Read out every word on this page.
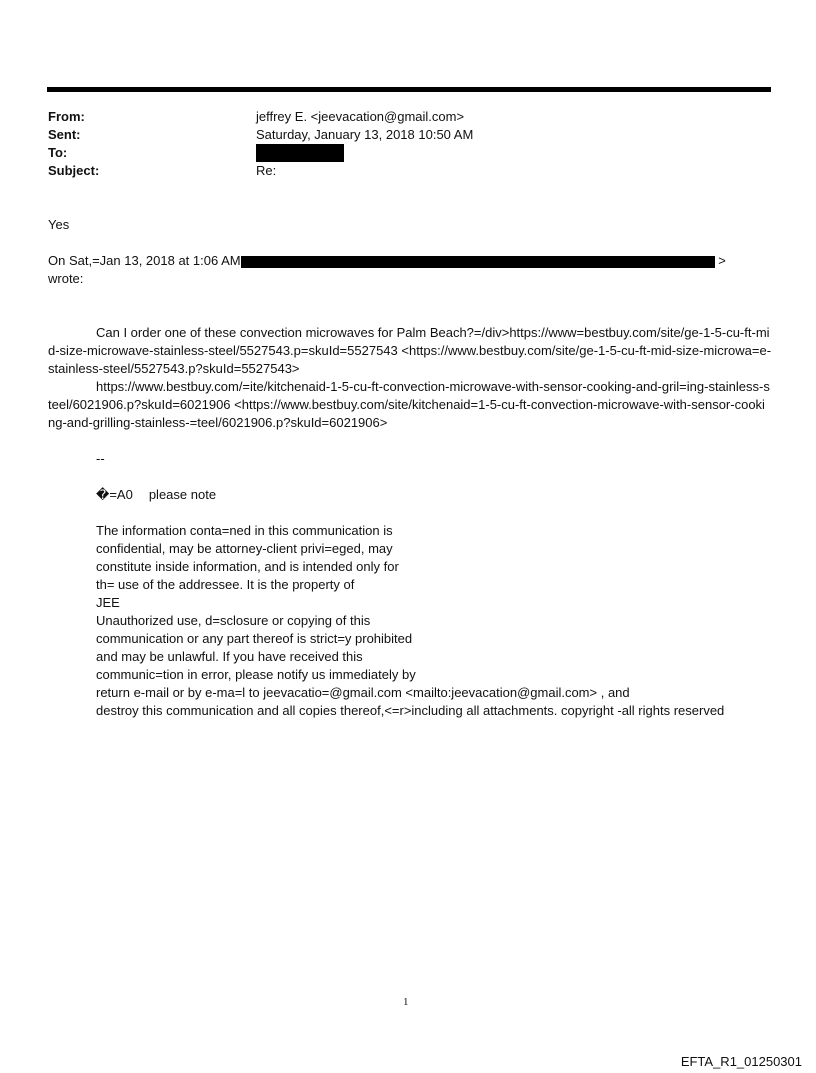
From:	jeffrey E. <jeevacation@gmail.com>
Sent:	Saturday, January 13, 2018 10:50 AM
To:
Subject:	Re:
Yes
On Sat,=Jan 13, 2018 at 1:06 AM	>
wrote:

Can I order one of these convection microwaves for Palm Beach?=/div>https://www=bestbuy.com/site/ge-1-5-cu-ft-mid-size-microwave-stainless-steel/5527543.p=skuId=5527543 <https://www.bestbuy.com/site/ge-1-5-cu-ft-mid-size-microwa=e-stainless-steel/5527543.p?skuId=5527543>

https://www.bestbuy.com/=ite/kitchenaid-1-5-cu-ft-convection-microwave-with-sensor-cooking-and-gril=ing-stainless-steel/6021906.p?skuId=6021906 <https://www.bestbuy.com/site/kitchenaid=1-5-cu-ft-convection-microwave-with-sensor-cooking-and-grilling-stainless-=teel/6021906.p?skuId=6021906>

--
�=A0 please note
The information conta=ned in this communication is
confidential, may be attorney-client privi=eged, may
constitute inside information, and is intended only for
th= use of the addressee. It is the property of
JEE
Unauthorized use, d=sclosure or copying of this
communication or any part thereof is strict=y prohibited
and may be unlawful. If you have received this
communic=tion in error, please notify us immediately by
return e-mail or by e-ma=l to jeevacatio=@gmail.com <mailto:jeevacation@gmail.com> , and
destroy this communication and all copies thereof,<=r>including all attachments. copyright -all rights reserved
1
EFTA_R1_01250301
